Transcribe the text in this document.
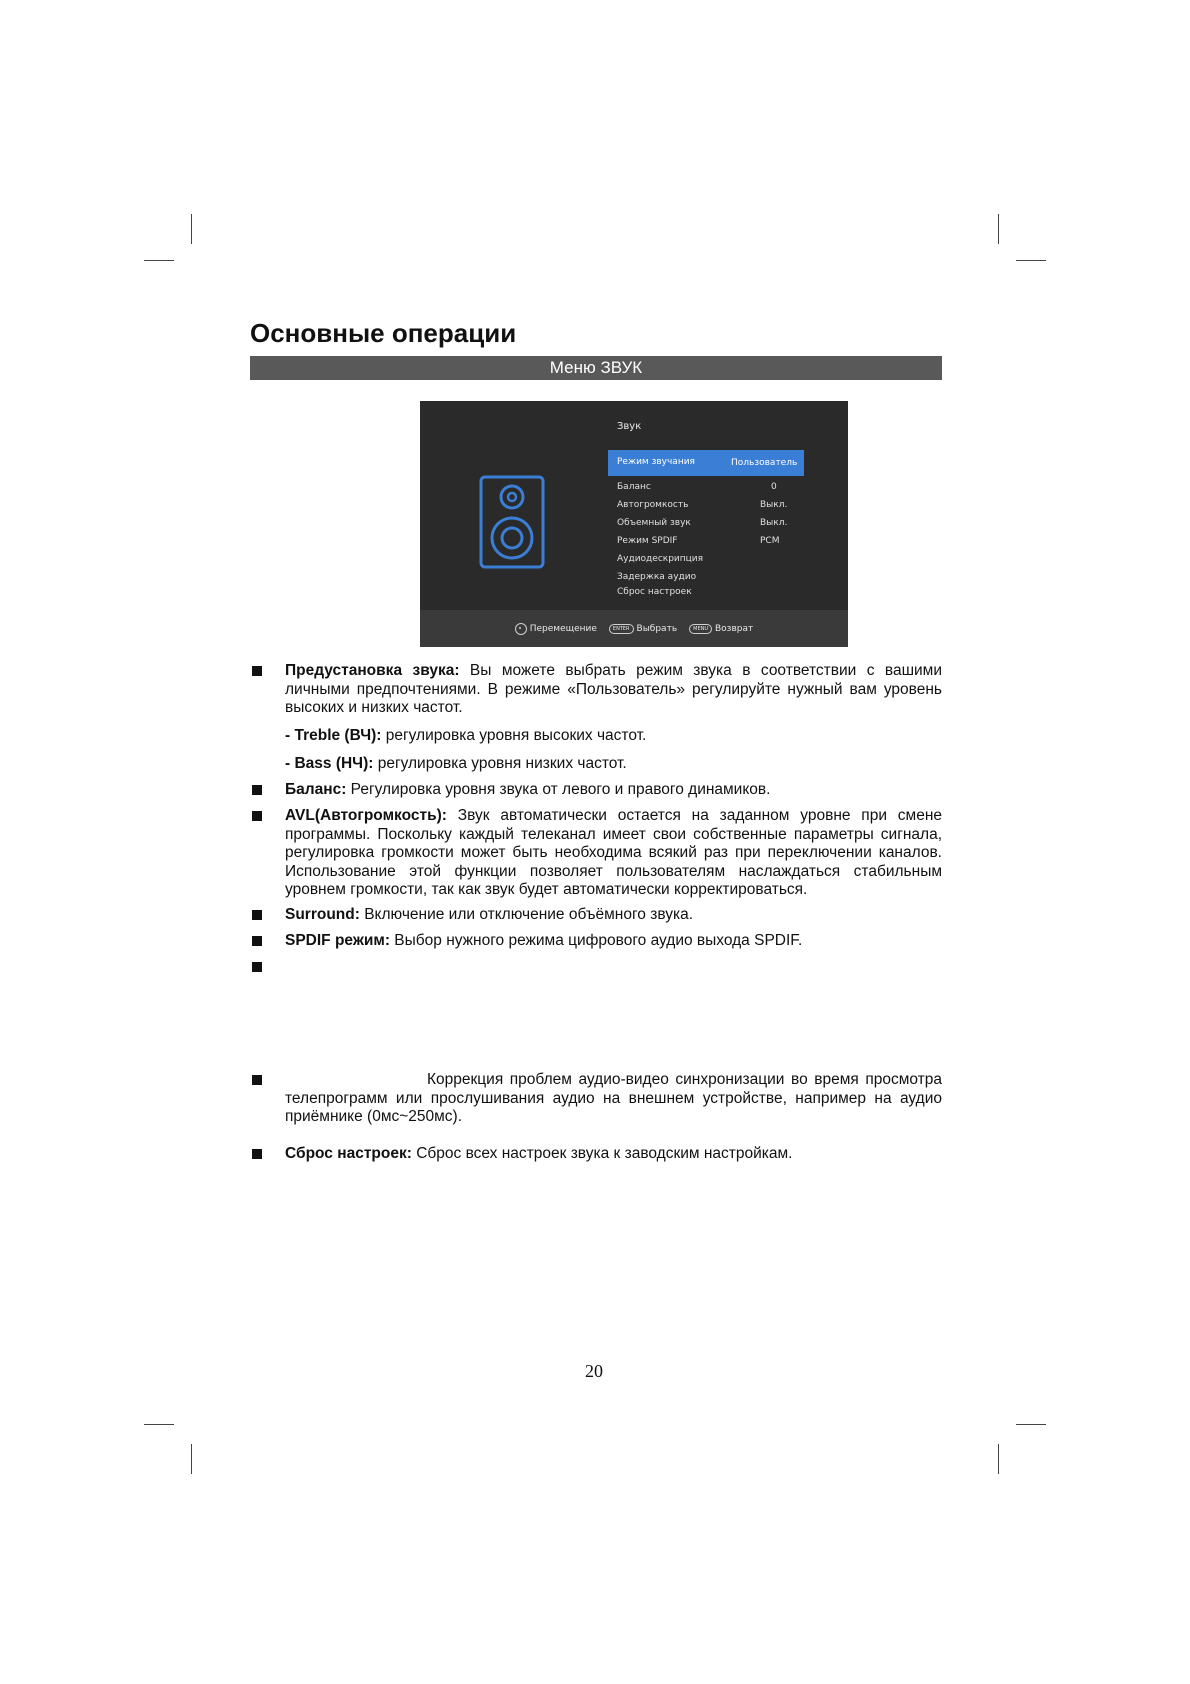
Основные операции
Меню ЗВУК
Звук
Режим звучания	Пользователь
Баланс	0
Автогромкость	Выкл.
Объемный звук	Выкл.
Режим SPDIF	PCM
Аудиодескрипция
Задержка аудио
Сброс настроек
Перемещение	ENTER Выбрать	MENU Возврат
Предустановка звука: Вы можете выбрать режим звука в соответствии с вашими личными предпочтениями. В режиме «Пользователь» регулируйте нужный вам уровень высоких и низких частот.
- Treble (ВЧ): регулировка уровня высоких частот.
- Bass (НЧ): регулировка уровня низких частот.
Баланс: Регулировка уровня звука от левого и правого динамиков.
AVL(Автогромкость): Звук автоматически остается на заданном уровне при смене программы. Поскольку каждый телеканал имеет свои собственные параметры сигнала, регулировка громкости может быть необходима всякий раз при переключении каналов. Использование этой функции позволяет пользователям наслаждаться стабильным уровнем громкости, так как звук будет автоматически корректироваться.
Surround: Включение или отключение объёмного звука.
SPDIF режим: Выбор нужного режима цифрового аудио выхода SPDIF.
Коррекция проблем аудио-видео синхронизации во время просмотра телепрограмм или прослушивания аудио на внешнем устройстве, например на аудио приёмнике (0мс~250мс).
Сброс настроек: Сброс всех настроек звука к заводским настройкам.
20
